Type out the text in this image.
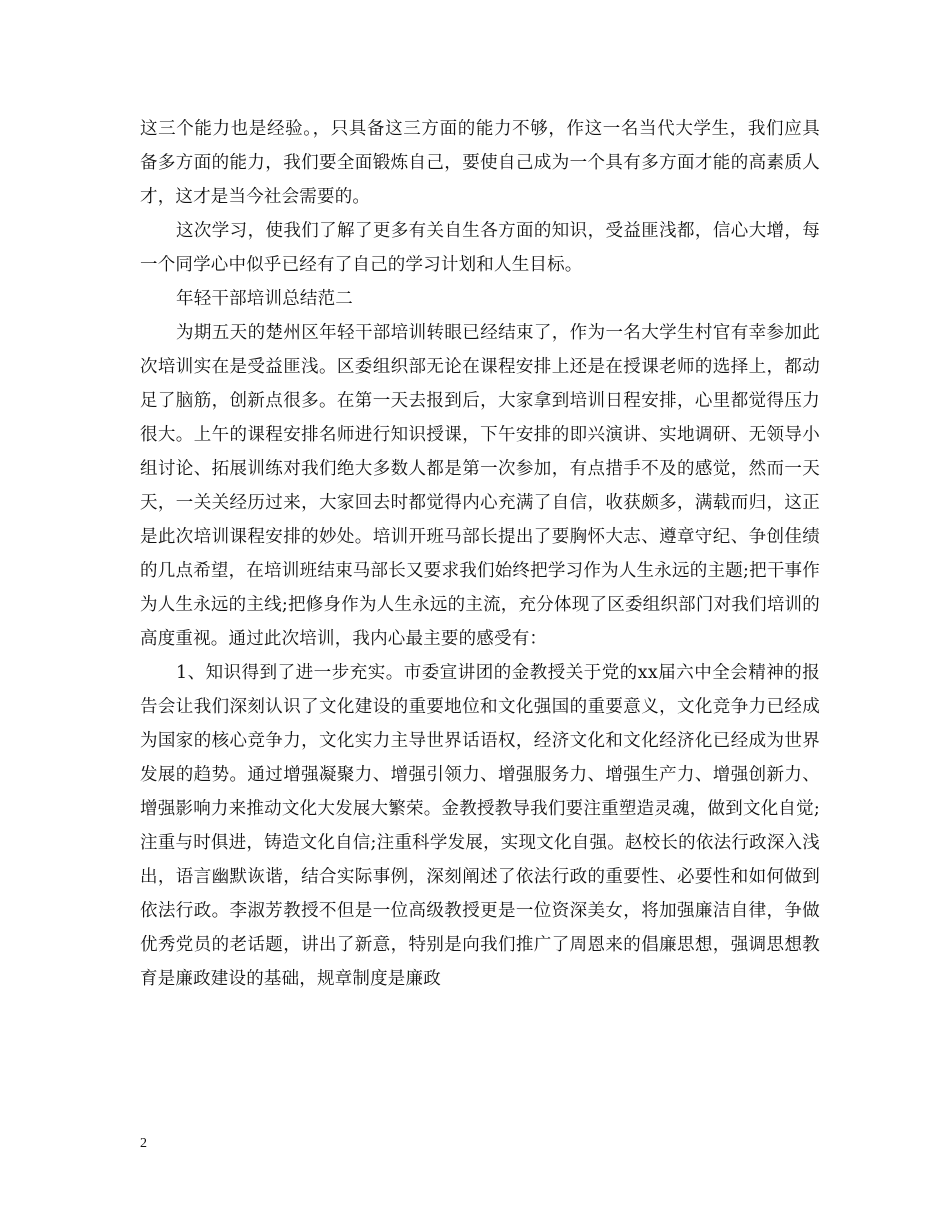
这三个能力也是经验。，只具备这三方面的能力不够，作这一名当代大学生，我们应具备多方面的能力，我们要全面锻炼自己，要使自己成为一个具有多方面才能的高素质人才，这才是当今社会需要的。

这次学习，使我们了解了更多有关自生各方面的知识，受益匪浅都，信心大增，每一个同学心中似乎已经有了自己的学习计划和人生目标。

年轻干部培训总结范二

为期五天的楚州区年轻干部培训转眼已经结束了，作为一名大学生村官有幸参加此次培训实在是受益匪浅。区委组织部无论在课程安排上还是在授课老师的选择上，都动足了脑筋，创新点很多。在第一天去报到后，大家拿到培训日程安排，心里都觉得压力很大。上午的课程安排名师进行知识授课，下午安排的即兴演讲、实地调研、无领导小组讨论、拓展训练对我们绝大多数人都是第一次参加，有点措手不及的感觉，然而一天天，一关关经历过来，大家回去时都觉得内心充满了自信，收获颇多，满载而归，这正是此次培训课程安排的妙处。培训开班马部长提出了要胸怀大志、遵章守纪、争创佳绩的几点希望，在培训班结束马部长又要求我们始终把学习作为人生永远的主题;把干事作为人生永远的主线;把修身作为人生永远的主流，充分体现了区委组织部门对我们培训的高度重视。通过此次培训，我内心最主要的感受有：

1、知识得到了进一步充实。市委宣讲团的金教授关于党的xx届六中全会精神的报告会让我们深刻认识了文化建设的重要地位和文化强国的重要意义，文化竞争力已经成为国家的核心竞争力，文化实力主导世界话语权，经济文化和文化经济化已经成为世界发展的趋势。通过增强凝聚力、增强引领力、增强服务力、增强生产力、增强创新力、增强影响力来推动文化大发展大繁荣。金教授教导我们要注重塑造灵魂，做到文化自觉;注重与时俱进，铸造文化自信;注重科学发展，实现文化自强。赵校长的依法行政深入浅出，语言幽默诙谐，结合实际事例，深刻阐述了依法行政的重要性、必要性和如何做到依法行政。李淑芳教授不但是一位高级教授更是一位资深美女，将加强廉洁自律，争做优秀党员的老话题，讲出了新意，特别是向我们推广了周恩来的倡廉思想，强调思想教育是廉政建设的基础，规章制度是廉政

2
